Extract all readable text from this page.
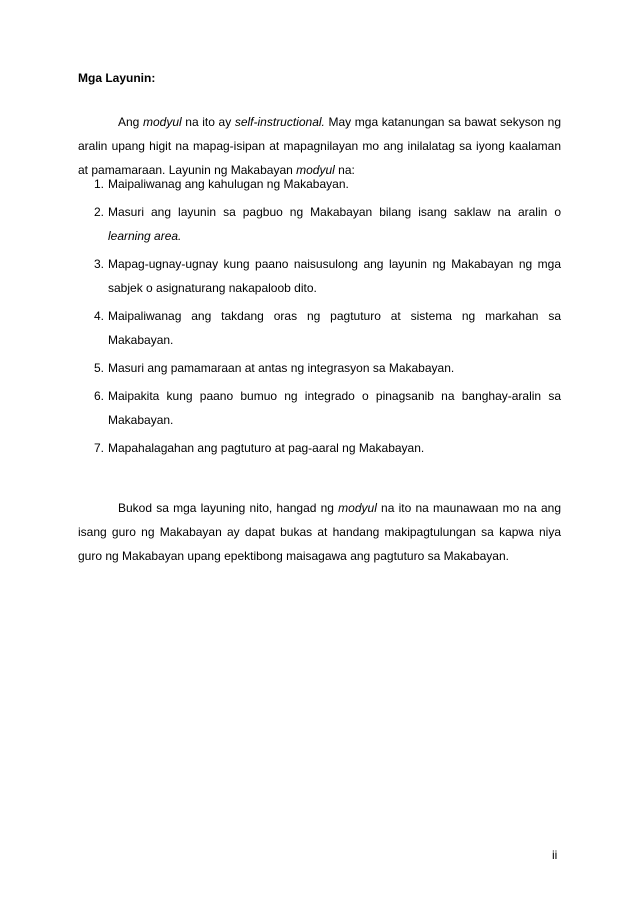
Mga Layunin:

Ang modyul na ito ay self-instructional. May mga katanungan sa bawat sekyson ng aralin upang higit na mapag-isipan at mapagnilayan mo ang inilalatag sa iyong kaalaman at pamamaraan. Layunin ng Makabayan modyul na:

1. Maipaliwanag ang kahulugan ng Makabayan.
2. Masuri ang layunin sa pagbuo ng Makabayan bilang isang saklaw na aralin o learning area.
3. Mapag-ugnay-ugnay kung paano naisusulong ang layunin ng Makabayan ng mga sabjek o asignaturang nakapaloob dito.
4. Maipaliwanag ang takdang oras ng pagtuturo at sistema ng markahan sa Makabayan.
5. Masuri ang pamamaraan at antas ng integrasyon sa Makabayan.
6. Maipakita kung paano bumuo ng integrado o pinagsanib na banghay-aralin sa Makabayan.
7. Mapahalagahan ang pagtuturo at pag-aaral ng Makabayan.

Bukod sa mga layuning nito, hangad ng modyul na ito na maunawaan mo na ang isang guro ng Makabayan ay dapat bukas at handang makipagtulungan sa kapwa niya guro ng Makabayan upang epektibong maisagawa ang pagtuturo sa Makabayan.

ii
